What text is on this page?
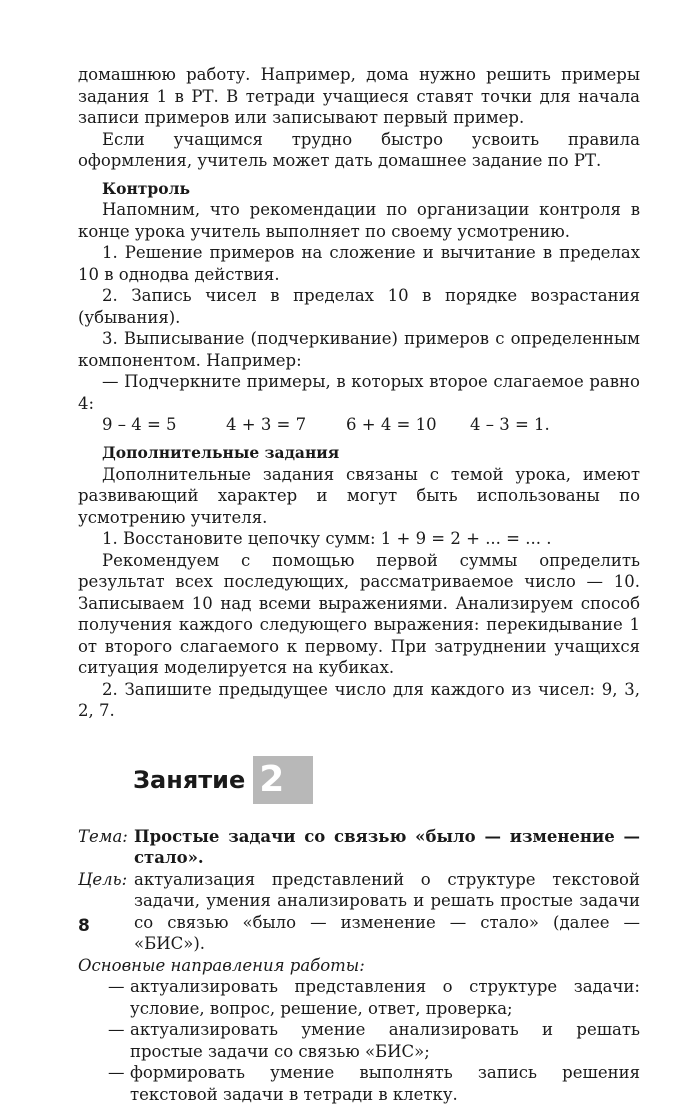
домашнюю работу. Например, дома нужно решить примеры задания 1 в РТ. В тетради учащиеся ставят точки для начала записи примеров или записывают первый пример.

Если учащимся трудно быстро усвоить правила оформления, учитель может дать домашнее задание по РТ.

Контроль

Напомним, что рекомендации по организации контроля в конце урока учитель выполняет по своему усмотрению.

1. Решение примеров на сложение и вычитание в пределах 10 в однодва действия.

2. Запись чисел в пределах 10 в порядке возрастания (убывания).

3. Выписывание (подчеркивание) примеров с определенным компонентом. Например:

— Подчеркните примеры, в которых второе слагаемое равно 4:

9 – 4 = 5	4 + 3 = 7	6 + 4 = 10	4 – 3 = 1.
Дополнительные задания

Дополнительные задания связаны с темой урока, имеют развивающий характер и могут быть использованы по усмотрению учителя.

1. Восстановите цепочку сумм: 1 + 9 = 2 + ... = ... .

Рекомендуем с помощью первой суммы определить результат всех последующих, рассматриваемое число — 10. Записываем 10 над всеми выражениями. Анализируем способ получения каждого следующего выражения: перекидывание 1 от второго слагаемого к первому. При затруднении учащихся ситуация моделируется на кубиках.

2. Запишите предыдущее число для каждого из чисел: 9, 3, 2, 7.

Занятие 2
Тема: Простые задачи со связью «было — изменение — стало».
Цель: актуализация представлений о структуре текстовой задачи, умения анализировать и решать простые задачи со связью «было — изменение — стало» (далее — «БИС»).
Основные направления работы:
— актуализировать представления о структуре задачи: условие, вопрос, решение, ответ, проверка;
— актуализировать умение анализировать и решать простые задачи со связью «БИС»;
— формировать умение выполнять запись решения текстовой задачи в тетради в клетку.
8
